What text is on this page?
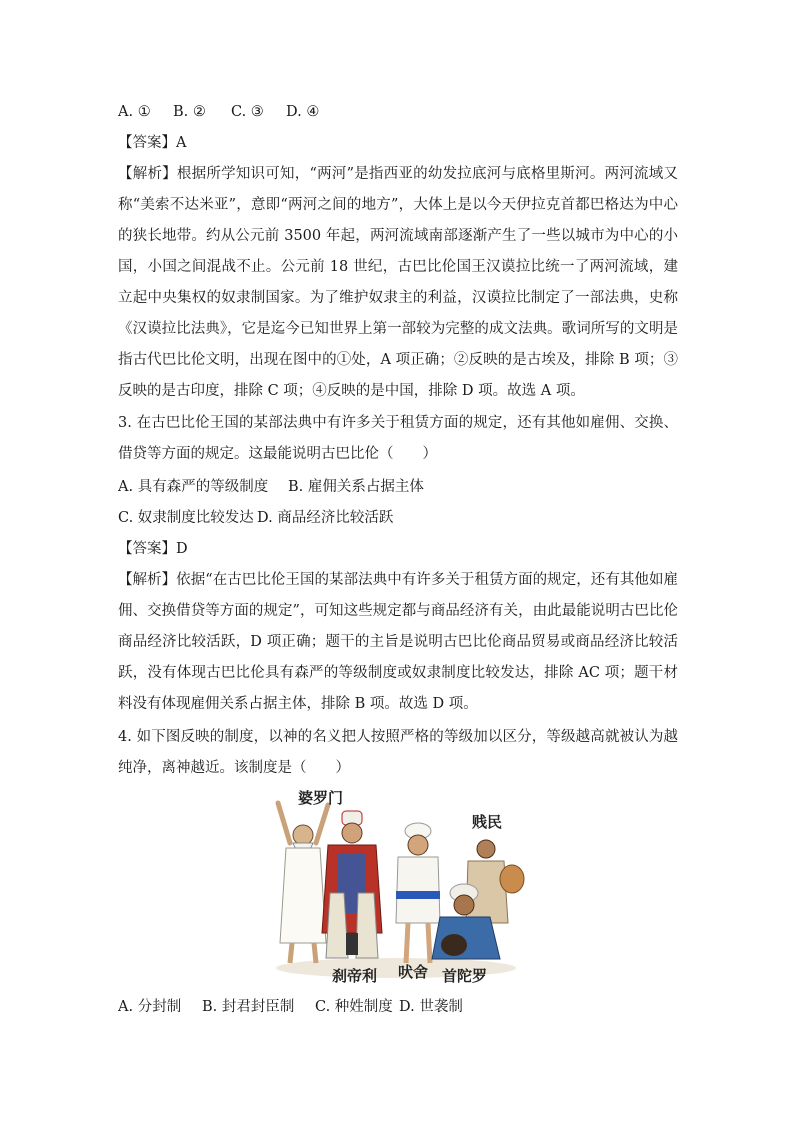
A. ① B. ② C. ③ D. ④
【答案】A
【解析】根据所学知识可知，“两河”是指西亚的幼发拉底河与底格里斯河。两河流域又称“美索不达米亚”，意即“两河之间的地方”，大体上是以今天伊拉克首都巴格达为中心的狭长地带。约从公元前 3500 年起，两河流域南部逐渐产生了一些以城市为中心的小国，小国之间混战不止。公元前 18 世纪，古巴比伦国王汉谟拉比统一了两河流域，建立起中央集权的奴隶制国家。为了维护奴隶主的利益，汉谟拉比制定了一部法典，史称《汉谟拉比法典》，它是迄今已知世界上第一部较为完整的成文法典。歌词所写的文明是指古代巴比伦文明，出现在图中的①处，A 项正确；②反映的是古埃及，排除 B 项；③反映的是古印度，排除 C 项；④反映的是中国，排除 D 项。故选 A 项。
3. 在古巴比伦王国的某部法典中有许多关于租赁方面的规定，还有其他如雇佣、交换、借贷等方面的规定。这最能说明古巴比伦（　　）
A. 具有森严的等级制度 B. 雇佣关系占据主体
C. 奴隶制度比较发达 D. 商品经济比较活跃
【答案】D
【解析】依据“在古巴比伦王国的某部法典中有许多关于租赁方面的规定，还有其他如雇佣、交换借贷等方面的规定”，可知这些规定都与商品经济有关，由此最能说明古巴比伦商品经济比较活跃，D 项正确；题干的主旨是说明古巴比伦商品贸易或商品经济比较活跃，没有体现古巴比伦具有森严的等级制度或奴隶制度比较发达，排除 AC 项；题干材料没有体现雇佣关系占据主体，排除 B 项。故选 D 项。
4. 如下图反映的制度，以神的名义把人按照严格的等级加以区分，等级越高就被认为越纯净，离神越近。该制度是（　　）
婆罗门
贱民
刹帝利 吠舍 首陀罗
A. 分封制 B. 封君封臣制 C. 种姓制度 D. 世袭制
